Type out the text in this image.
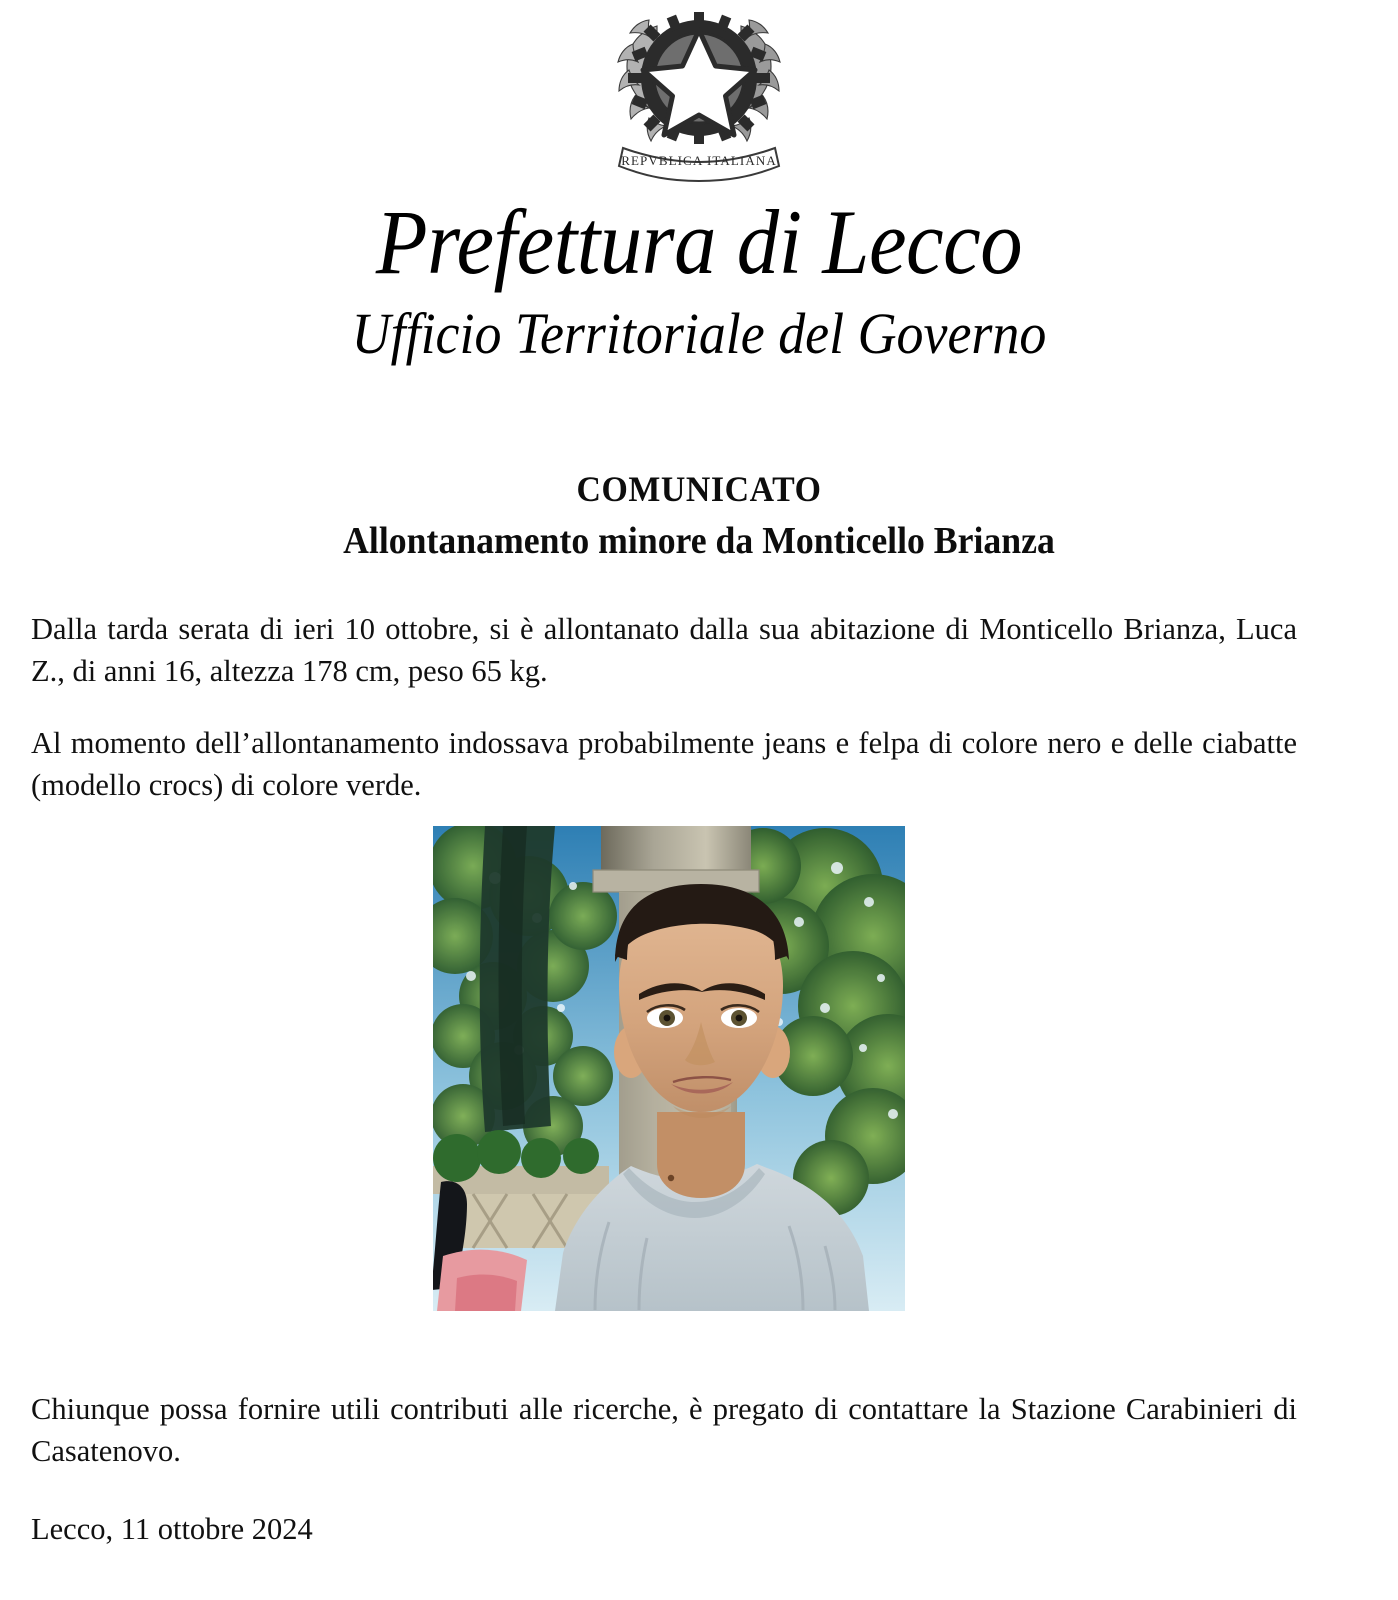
REPVBLICA ITALIANA
Prefettura di Lecco
Ufficio Territoriale del Governo
COMUNICATO
Allontanamento minore da Monticello Brianza

Dalla tarda serata di ieri 10 ottobre, si è allontanato dalla sua abitazione di Monticello Brianza, Luca Z., di anni 16, altezza 178 cm, peso 65 kg.

Al momento dell’allontanamento indossava probabilmente jeans e felpa di colore nero e delle ciabatte (modello crocs) di colore verde.

Chiunque possa fornire utili contributi alle ricerche, è pregato di contattare la Stazione Carabinieri di Casatenovo.

Lecco, 11 ottobre 2024
